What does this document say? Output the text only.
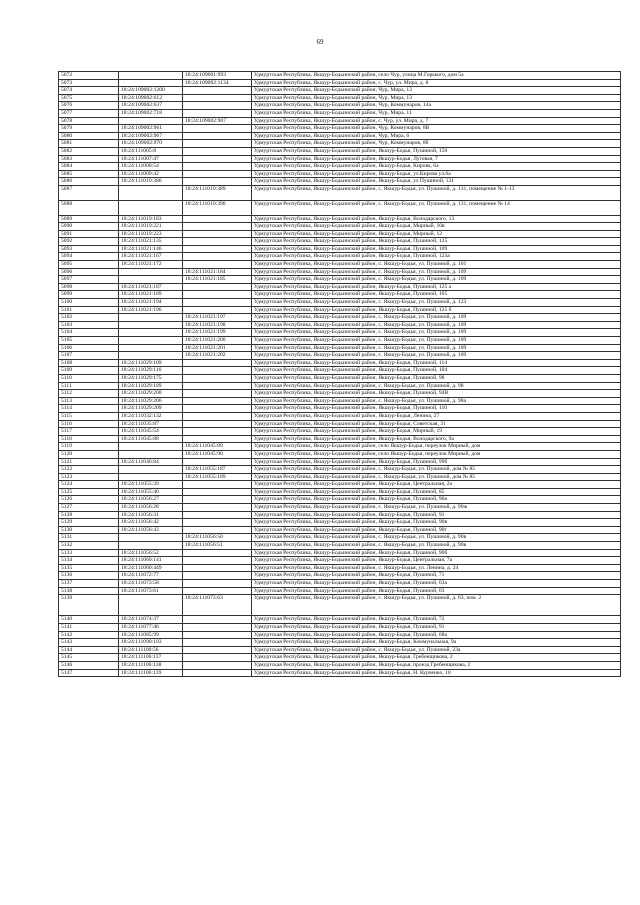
69
5072		18:24:109001:993	Удмуртская Республика, Якшур-Бодьинский район, село Чур, улица М.Горького, дом 5а
5073		18:24:109002:1134	Удмуртская Республика, Якшур-Бодьинский район, с. Чур, ул. Мира, д. 8
5074	18:24:109002:1200		Удмуртская Республика, Якшур-Бодьинский район, Чур, Мира, 13
5075	18:24:109002:612		Удмуртская Республика, Якшур-Бодьинский район, Чур, Мира, 13
5076	18:24:109002:637		Удмуртская Республика, Якшур-Бодьинский район, Чур, Коммунаров, 14а
5077	18:24:109002:718		Удмуртская Республика, Якшур-Бодьинский район, Чур, Мира, 11
5078		18:24:109002:907	Удмуртская Республика, Якшур-Бодьинский район, с. Чур, ул. Мира, д. 7
5079	18:24:109002:961		Удмуртская Республика, Якшур-Бодьинский район, Чур, Коммунаров, 8В
5080	18:24:109002:967		Удмуртская Республика, Якшур-Бодьинский район, Чур, Мира, 6
5081	18:24:109002:970		Удмуртская Республика, Якшур-Бодьинский район, Чур, Коммунаров, 8б
5082	18:24:111005:8		Удмуртская Республика, Якшур-Бодьинский район, Якшур-Бодья, Пушиной, 150
5083	18:24:111007:47		Удмуртская Республика, Якшур-Бодьинский район, Якшур-Бодья, Луговая, 7
5084	18:24:111008:54		Удмуртская Республика, Якшур-Бодьинский район, Якшур-Бодья, Кирова, 6а
5085	18:24:111009:42		Удмуртская Республика, Якшур-Бодьинский район, Якшур-Бодья, ул.Кирова ул.6а
5086	18:24:111010:386		Удмуртская Республика, Якшур-Бодьинский район, Якшур-Бодья, ул Пушиной, 131
5087		18:24:111010:389	Удмуртская Республика, Якшур-Бодьинский район, с. Якшур-Бодья, ул. Пушиной, д. 131, помещение № 1-13
5088		18:24:111010:390	Удмуртская Республика, Якшур-Бодьинский район, с. Якшур-Бодья, ул. Пушиной, д. 131, помещение № 14
5089	18:24:111019:183		Удмуртская Республика, Якшур-Бодьинский район, Якшур-Бодья, Володарского, 13
5090	18:24:111019:221		Удмуртская Республика, Якшур-Бодьинский район, Якшур-Бодья, Мирный, 10в
5091	18:24:111019:223		Удмуртская Республика, Якшур-Бодьинский район, Якшур-Бодья, Мирный, 12
5092	18:24:111021:135		Удмуртская Республика, Якшур-Бодьинский район, Якшур-Бодья, Пушиной, 125
5093	18:24:111021:146		Удмуртская Республика, Якшур-Бодьинский район, Якшур-Бодья, Пушиной, 109
5094	18:24:111021:167		Удмуртская Республика, Якшур-Бодьинский район, Якшур-Бодья, Пушиной, 123а
5095	18:24:111021:172		Удмуртская Республика, Якшур-Бодьинский район, с. Якшур-Бодья, ул. Пушиной, д. 101
5096		18:24:111021:184	Удмуртская Республика, Якшур-Бодьинский район, с. Якшур-Бодья, ул. Пушиной, д. 109
5097		18:24:111021:185	Удмуртская Республика, Якшур-Бодьинский район, с. Якшур-Бодья, ул. Пушиной, д. 109
5098	18:24:111021:187		Удмуртская Республика, Якшур-Бодьинский район, Якшур-Бодья, Пушиной, 125 а
5099	18:24:111021:189		Удмуртская Республика, Якшур-Бодьинский район, Якшур-Бодья, Пушиной, 105
5100	18:24:111021:194		Удмуртская Республика, Якшур-Бодьинский район, с. Якшур-Бодья, ул. Пушиной, д. 123
5101	18:24:111021:196		Удмуртская Республика, Якшур-Бодьинский район, Якшур-Бодья, Пушиной, 125 б
5102		18:24:111021:197	Удмуртская Республика, Якшур-Бодьинский район, с. Якшур-Бодья, ул. Пушиной, д. 109
5103		18:24:111021:198	Удмуртская Республика, Якшур-Бодьинский район, с. Якшур-Бодья, ул. Пушиной, д. 109
5104		18:24:111021:199	Удмуртская Республика, Якшур-Бодьинский район, с. Якшур-Бодья, ул. Пушиной, д. 109
5105		18:24:111021:200	Удмуртская Республика, Якшур-Бодьинский район, с. Якшур-Бодья, ул. Пушиной, д. 109
5106		18:24:111021:201	Удмуртская Республика, Якшур-Бодьинский район, с. Якшур-Бодья, ул. Пушиной, д. 109
5107		18:24:111021:202	Удмуртская Республика, Якшур-Бодьинский район, с. Якшур-Бодья, ул. Пушиной, д. 109
5108	18:24:111029:109		Удмуртская Республика, Якшур-Бодьинский район, Якшур-Бодья, Пушиной, 114
5109	18:24:111029:116		Удмуртская Республика, Якшур-Бодьинский район, Якшур-Бодья, Пушиной, 104
5110	18:24:111029:175		Удмуртская Республика, Якшур-Бодьинский район, Якшур-Бодья, Пушиной, 98
5111	18:24:111029:189		Удмуртская Республика, Якшур-Бодьинский район, с. Якшур-Бодья, ул. Пушиной, д. 98
5112	18:24:111029:200		Удмуртская Республика, Якшур-Бодьинский район, Якшур-Бодья, Пушиной, 94В
5113	18:24:111029:206		Удмуртская Республика, Якшур-Бодьинский район, с. Якшур-Бодья, ул. Пушиной, д. 98а
5114	18:24:111029:209		Удмуртская Республика, Якшур-Бодьинский район, Якшур-Бодья, Пушиной, 110
5115	18:24:111032:132		Удмуртская Республика, Якшур-Бодьинский район, Якшур-Бодья, Ленина, 27
5116	18:24:111035:87		Удмуртская Республика, Якшур-Бодьинский район, Якшур-Бодья, Советская, 31
5117	18:24:111045:54		Удмуртская Республика, Якшур-Бодьинский район, Якшур-Бодья, Мирный, 19
5118	18:24:111045:88		Удмуртская Республика, Якшур-Бодьинский район, Якшур-Бодья, Володарского, 9а
5119		18:24:111045:89	Удмуртская Республика, Якшур-Бодьинский район, село Якшур-Бодья, переулок Мирный, дом
5120		18:24:111045:90	Удмуртская Республика, Якшур-Бодьинский район, село Якшур-Бодья, переулок Мирный, дом
5121	18:24:111046:84		Удмуртская Республика, Якшур-Бодьинский район, Якшур-Бодья, Пушиной, 99б
5122		18:24:111055:187	Удмуртская Республика, Якшур-Бодьинский район, с. Якшур-Бодья, ул. Пушиной, дом № 85
5123		18:24:111055:189	Удмуртская Республика, Якшур-Бодьинский район, с. Якшур-Бодья, ул. Пушиной, дом № 85
5124	18:24:111055:39		Удмуртская Республика, Якшур-Бодьинский район, Якшур-Бодья, Центральная, 2а
5125	18:24:111055:40		Удмуртская Республика, Якшур-Бодьинский район, Якшур-Бодья, Пушиной, 85
5126	18:24:111056:27		Удмуртская Республика, Якшур-Бодьинский район, Якшур-Бодья, Пушиной, 90а
5127	18:24:111056:28		Удмуртская Республика, Якшур-Бодьинский район, с. Якшур-Бодья, ул. Пушиной, д. 90ж
5128	18:24:111056:31		Удмуртская Республика, Якшур-Бодьинский район, Якшур-Бодья, Пушиной, 91
5129	18:24:111056:42		Удмуртская Республика, Якшур-Бодьинский район, Якшур-Бодья, Пушиной, 90в
5130	18:24:111056:43		Удмуртская Республика, Якшур-Бодьинский район, Якшур-Бодья, Пушиной, 90г
5131		18:24:111056:50	Удмуртская Республика, Якшур-Бодьинский район, с. Якшур-Бодья, ул. Пушиной, д. 90в
5132		18:24:111056:51	Удмуртская Республика, Якшур-Бодьинский район, с. Якшур-Бодья, ул. Пушиной, д. 90в
5133	18:24:111056:52		Удмуртская Республика, Якшур-Бодьинский район, Якшур-Бодья, Пушиной, 90б
5134	18:24:111060:141		Удмуртская Республика, Якшур-Бодьинский район, Якшур-Бодья, Центральная, 7а
5135	18:24:111060:449		Удмуртская Республика, Якшур-Бодьинский район, с. Якшур-Бодья, ул. Ленина, д. 24
5136	18:24:111072:77		Удмуртская Республика, Якшур-Бодьинский район, Якшур-Бодья, Пушиной, 71
5137	18:24:111073:58		Удмуртская Республика, Якшур-Бодьинский район, Якшур-Бодья, Пушиной, 63а
5138	18:24:111073:61		Удмуртская Республика, Якшур-Бодьинский район, Якшур-Бодья, Пушиной, 63
5139		18:24:111073:63	Удмуртская Республика, Якшур-Бодьинский район, с. Якшур-Бодья, ул. Пушиной, д. 63, пом. 2
5140	18:24:111074:37		Удмуртская Республика, Якшур-Бодьинский район, Якшур-Бодья, Пушиной, 72
5141	18:24:111077:46		Удмуртская Республика, Якшур-Бодьинский район, Якшур-Бодья, Пушиной, 91
5142	18:24:111085:99		Удмуртская Республика, Якшур-Бодьинский район, Якшур-Бодья, Пушиной, 68а
5143	18:24:111090:103		Удмуртская Республика, Якшур-Бодьинский район, Якшур-Бодья, Коммунальная, 9а
5144	18:24:111100:56		Удмуртская Республика, Якшур-Бодьинский район, с. Якшур-Бодья, ул. Пушиной, 23а
5145	18:24:111106:137		Удмуртская Республика, Якшур-Бодьинский район, Якшур-Бодья, Гребенщикова, 2
5146	18:24:111106:138		Удмуртская Республика, Якшур-Бодьинский район, Якшур-Бодья, проезд Гребенщикова, 2
5147	18:24:111106:139		Удмуртская Республика, Якшур-Бодьинский район, Якшур-Бодья, Н. Курченко, 10
